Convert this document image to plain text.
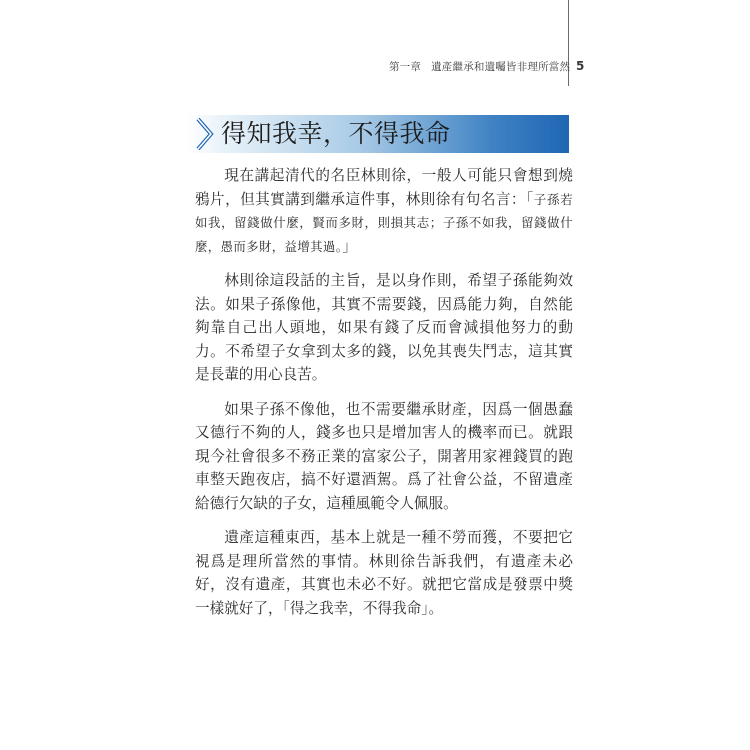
第一章 遺產繼承和遺囑皆非理所當然 5
得知我幸，不得我命

現在講起清代的名臣林則徐，一般人可能只會想到燒鴉片，但其實講到繼承這件事，林則徐有句名言：「子孫若如我，留錢做什麼，賢而多財，則損其志；子孫不如我，留錢做什麼，愚而多財，益增其過。」

林則徐這段話的主旨，是以身作則，希望子孫能夠效法。如果子孫像他，其實不需要錢，因爲能力夠，自然能夠靠自己出人頭地，如果有錢了反而會減損他努力的動力。不希望子女拿到太多的錢，以免其喪失鬥志，這其實是長輩的用心良苦。

如果子孫不像他，也不需要繼承財產，因爲一個愚蠢又德行不夠的人，錢多也只是增加害人的機率而已。就跟現今社會很多不務正業的富家公子，開著用家裡錢買的跑車整天跑夜店，搞不好還酒駕。爲了社會公益，不留遺產給德行欠缺的子女，這種風範令人佩服。

遺產這種東西，基本上就是一種不勞而獲，不要把它視爲是理所當然的事情。林則徐告訴我們，有遺產未必好，沒有遺產，其實也未必不好。就把它當成是發票中獎一樣就好了，「得之我幸，不得我命」。
